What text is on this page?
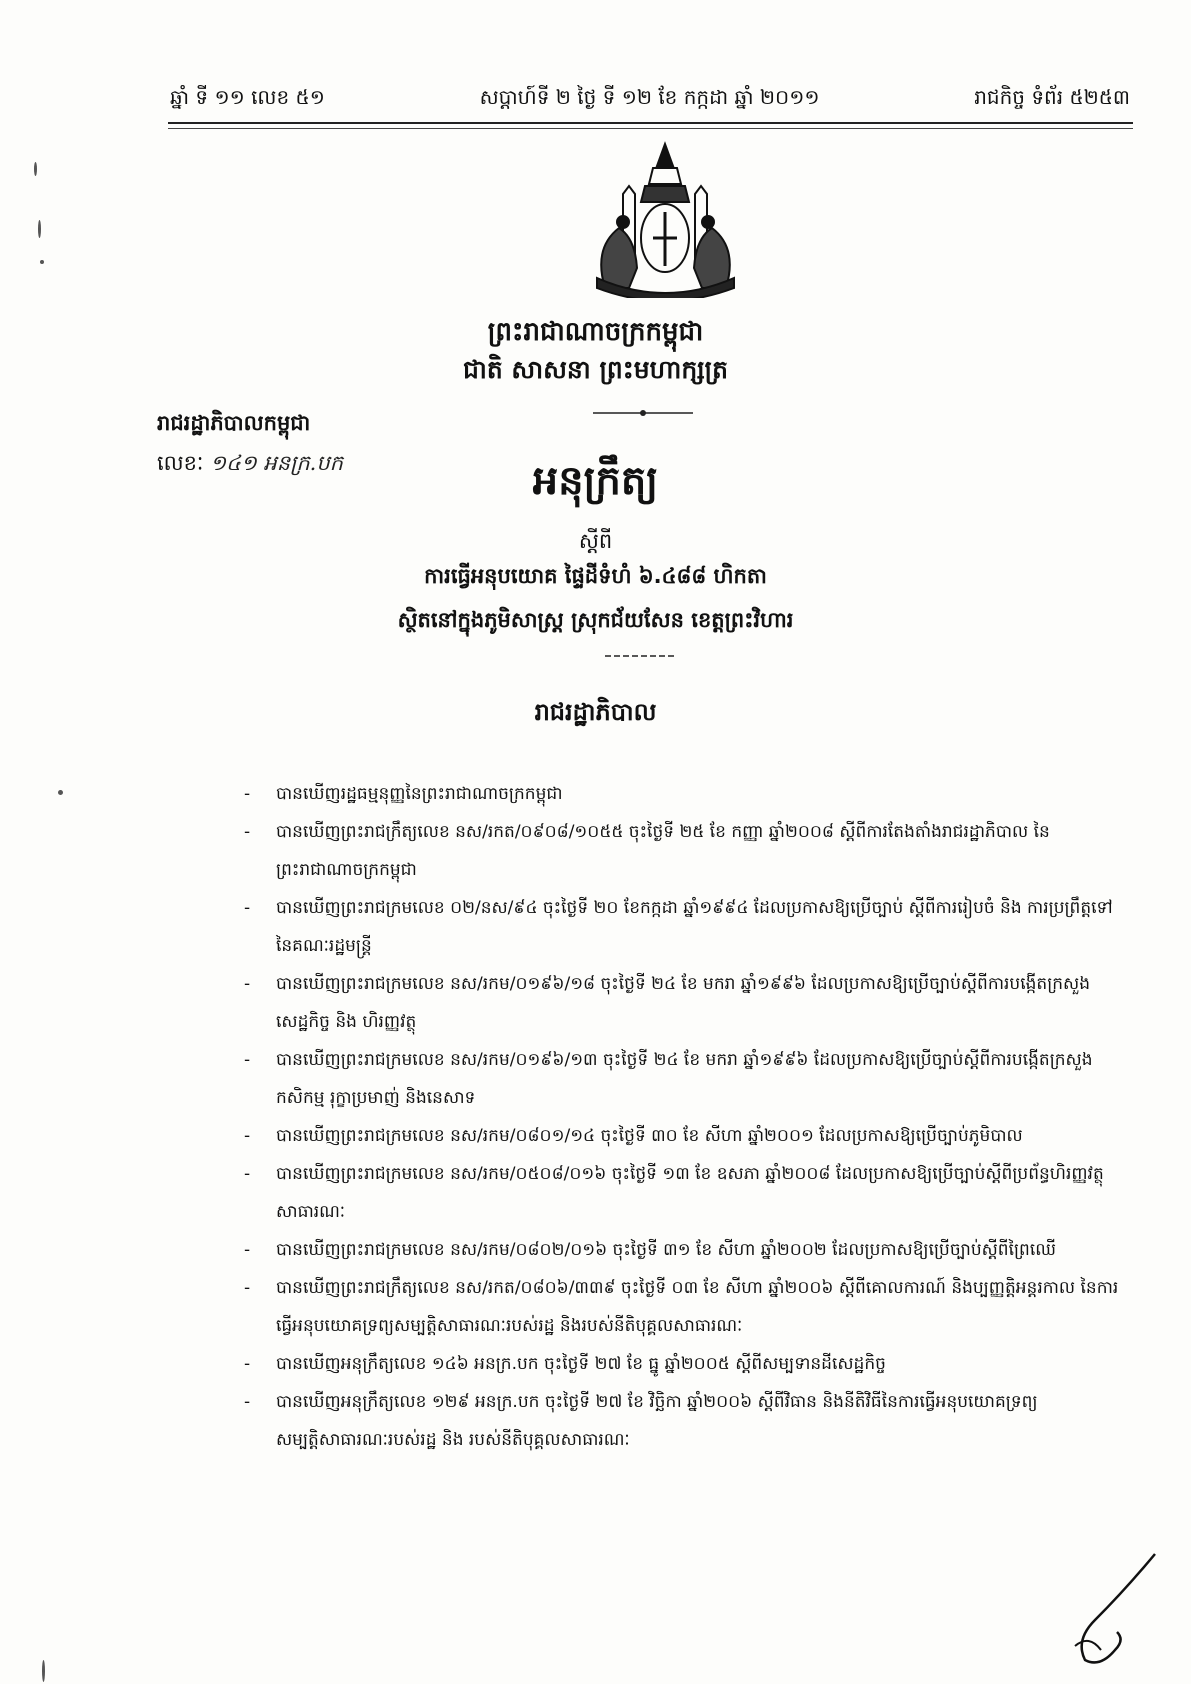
ឆ្នាំ ទី ១១ លេខ ៥១	សប្តាហ៍ទី ២ ថ្ងៃ ទី ១២ ខែ កក្កដា ឆ្នាំ ២០១១	រាជកិច្ច ទំព័រ ៥២៥៣
ព្រះរាជាណាចក្រកម្ពុជា
ជាតិ សាសនា ព្រះមហាក្សត្រ
រាជរដ្ឋាភិបាលកម្ពុជា
លេខៈ ១៤១ អនក្រ.បក	អនុក្រឹត្យ
ស្តីពី
ការធ្វើអនុបយោគ ផ្ទៃដីទំហំ ៦.៤៨៨ ហិកតា
ស្ថិតនៅក្នុងភូមិសាស្ត្រ ស្រុកជ័យសែន ខេត្តព្រះវិហារ
រាជរដ្ឋាភិបាល
- បានឃើញរដ្ឋធម្មនុញ្ញនៃព្រះរាជាណាចក្រកម្ពុជា
- បានឃើញព្រះរាជក្រឹត្យលេខ នស/រកត/០៩០៨/១០៥៥ ចុះថ្ងៃទី ២៥ ខែ កញ្ញា ឆ្នាំ២០០៨ ស្តីពីការតែងតាំងរាជរដ្ឋាភិបាល នៃព្រះរាជាណាចក្រកម្ពុជា
- បានឃើញព្រះរាជក្រមលេខ ០២/នស/៩៤ ចុះថ្ងៃទី ២០ ខែកក្កដា ឆ្នាំ១៩៩៤ ដែលប្រកាសឱ្យប្រើច្បាប់ ស្តីពីការរៀបចំ និង ការប្រព្រឹត្តទៅនៃគណៈរដ្ឋមន្ត្រី
- បានឃើញព្រះរាជក្រមលេខ នស/រកម/០១៩៦/១៨ ចុះថ្ងៃទី ២៤ ខែ មករា ឆ្នាំ១៩៩៦ ដែលប្រកាសឱ្យប្រើច្បាប់ស្តីពីការបង្កើតក្រសួងសេដ្ឋកិច្ច និង ហិរញ្ញវត្ថុ
- បានឃើញព្រះរាជក្រមលេខ នស/រកម/០១៩៦/១៣ ចុះថ្ងៃទី ២៤ ខែ មករា ឆ្នាំ១៩៩៦ ដែលប្រកាសឱ្យប្រើច្បាប់ស្តីពីការបង្កើតក្រសួងកសិកម្ម រុក្ខាប្រមាញ់ និងនេសាទ
- បានឃើញព្រះរាជក្រមលេខ នស/រកម/០៨០១/១៤ ចុះថ្ងៃទី ៣០ ខែ សីហា ឆ្នាំ២០០១ ដែលប្រកាសឱ្យប្រើច្បាប់ភូមិបាល
- បានឃើញព្រះរាជក្រមលេខ នស/រកម/០៥០៨/០១៦ ចុះថ្ងៃទី ១៣ ខែ ឧសភា ឆ្នាំ២០០៨ ដែលប្រកាសឱ្យប្រើច្បាប់ស្តីពីប្រព័ន្ធហិរញ្ញវត្ថុ សាធារណៈ
- បានឃើញព្រះរាជក្រមលេខ នស/រកម/០៨០២/០១៦ ចុះថ្ងៃទី ៣១ ខែ សីហា ឆ្នាំ២០០២ ដែលប្រកាសឱ្យប្រើច្បាប់ស្តីពីព្រៃឈើ
- បានឃើញព្រះរាជក្រឹត្យលេខ នស/រកត/០៨០៦/៣៣៩ ចុះថ្ងៃទី ០៣ ខែ សីហា ឆ្នាំ២០០៦ ស្តីពីគោលការណ៍ និងប្បញ្ញត្តិអន្តរកាល នៃការធ្វើអនុបយោគទ្រព្យសម្បត្តិសាធារណៈរបស់រដ្ឋ និងរបស់នីតិបុគ្គលសាធារណៈ
- បានឃើញអនុក្រឹត្យលេខ ១៤៦ អនក្រ.បក ចុះថ្ងៃទី ២៧ ខែ ធ្នូ ឆ្នាំ២០០៥ ស្តីពីសម្បទានដីសេដ្ឋកិច្ច
- បានឃើញអនុក្រឹត្យលេខ ១២៩ អនក្រ.បក ចុះថ្ងៃទី ២៧ ខែ វិច្ឆិកា ឆ្នាំ២០០៦ ស្តីពីវិធាន និងនីតិវិធីនៃការធ្វើអនុបយោគទ្រព្យសម្បត្តិសាធារណៈរបស់រដ្ឋ និង របស់នីតិបុគ្គលសាធារណៈ
